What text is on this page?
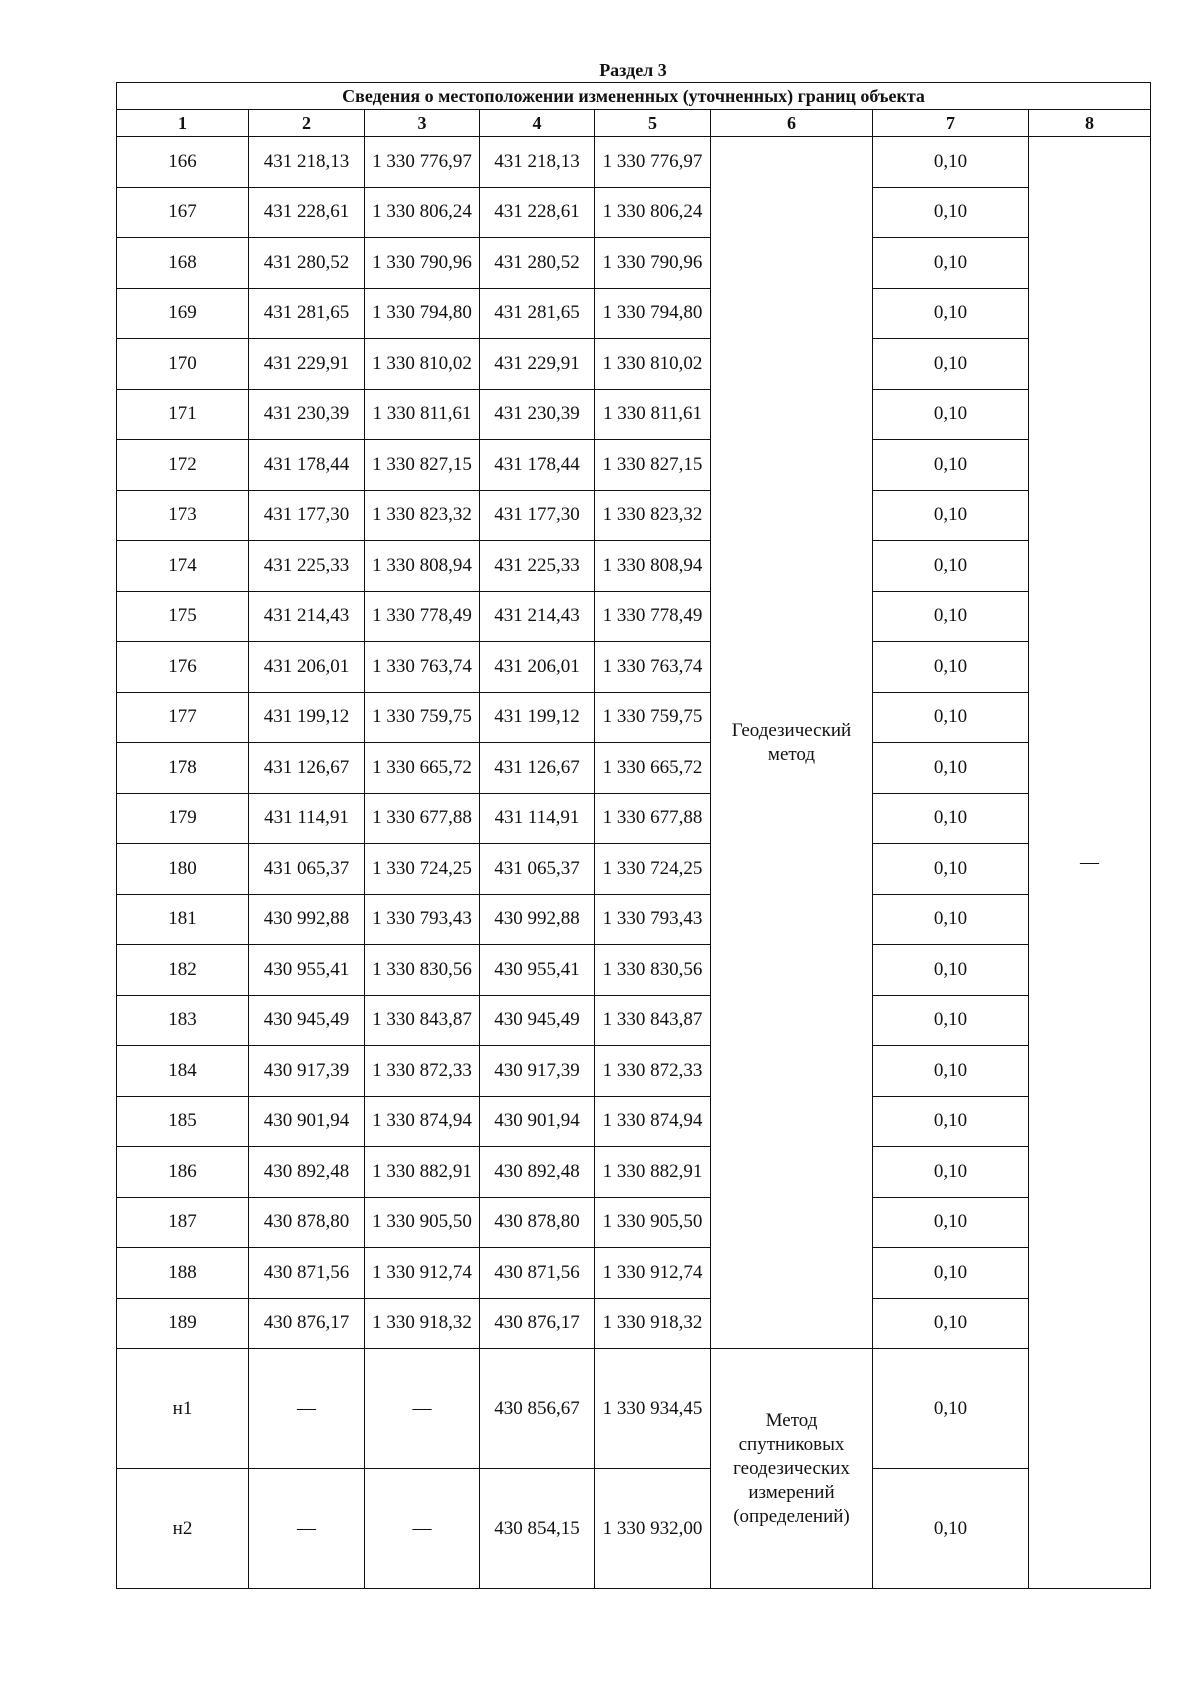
Раздел 3
Сведения о местоположении измененных (уточненных) границ объекта							
1	2	3	4	5	6	7	8
166	431 218,13	1 330 776,97	431 218,13	1 330 776,97	Геодезический метод	0,10	—
167	431 228,61	1 330 806,24	431 228,61	1 330 806,24		0,10	
168	431 280,52	1 330 790,96	431 280,52	1 330 790,96		0,10	
169	431 281,65	1 330 794,80	431 281,65	1 330 794,80		0,10	
170	431 229,91	1 330 810,02	431 229,91	1 330 810,02		0,10	
171	431 230,39	1 330 811,61	431 230,39	1 330 811,61		0,10	
172	431 178,44	1 330 827,15	431 178,44	1 330 827,15		0,10	
173	431 177,30	1 330 823,32	431 177,30	1 330 823,32		0,10	
174	431 225,33	1 330 808,94	431 225,33	1 330 808,94		0,10	
175	431 214,43	1 330 778,49	431 214,43	1 330 778,49		0,10	
176	431 206,01	1 330 763,74	431 206,01	1 330 763,74		0,10	
177	431 199,12	1 330 759,75	431 199,12	1 330 759,75		0,10	
178	431 126,67	1 330 665,72	431 126,67	1 330 665,72		0,10	
179	431 114,91	1 330 677,88	431 114,91	1 330 677,88		0,10	
180	431 065,37	1 330 724,25	431 065,37	1 330 724,25		0,10	
181	430 992,88	1 330 793,43	430 992,88	1 330 793,43		0,10	
182	430 955,41	1 330 830,56	430 955,41	1 330 830,56		0,10	
183	430 945,49	1 330 843,87	430 945,49	1 330 843,87		0,10	
184	430 917,39	1 330 872,33	430 917,39	1 330 872,33		0,10	
185	430 901,94	1 330 874,94	430 901,94	1 330 874,94		0,10	
186	430 892,48	1 330 882,91	430 892,48	1 330 882,91		0,10	
187	430 878,80	1 330 905,50	430 878,80	1 330 905,50		0,10	
188	430 871,56	1 330 912,74	430 871,56	1 330 912,74		0,10	
189	430 876,17	1 330 918,32	430 876,17	1 330 918,32		0,10	
н1	—	—	430 856,67	1 330 934,45	Метод спутниковых геодезических измерений (определений)	0,10	
н2	—	—	430 854,15	1 330 932,00		0,10	
